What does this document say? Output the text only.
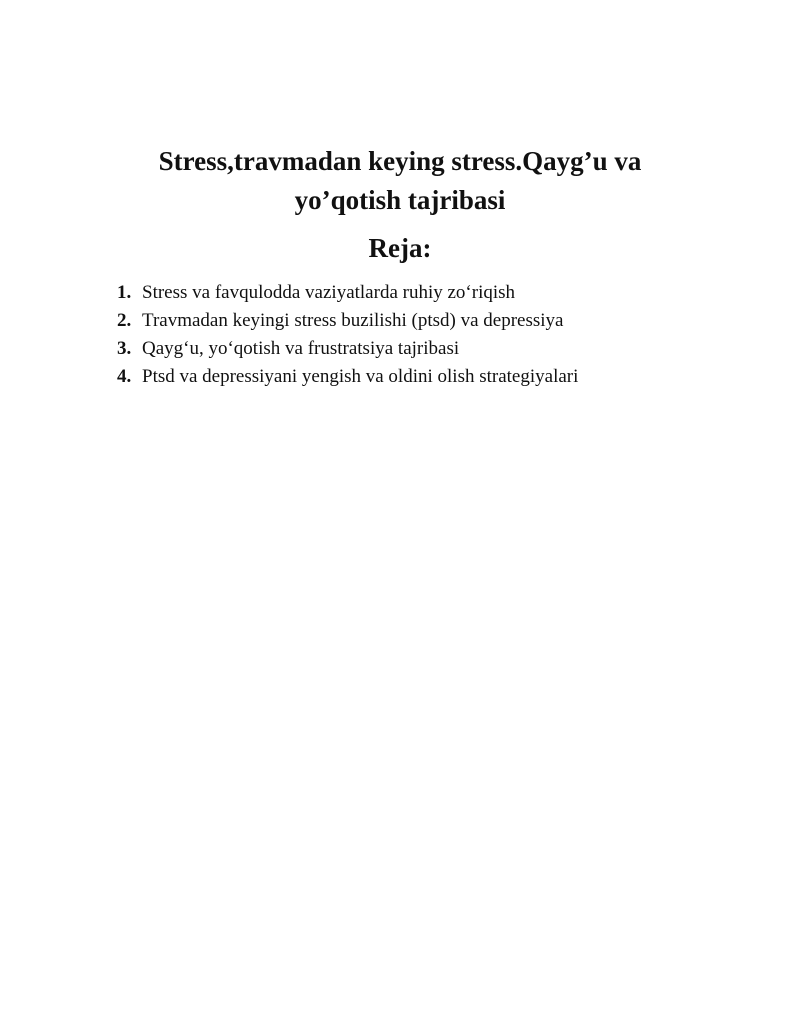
Stress,travmadan keying stress.Qayg’u va
yo’qotish tajribasi
Reja:
1. Stress va favqulodda vaziyatlarda ruhiy zo‘riqish
2. Travmadan keyingi stress buzilishi (ptsd) va depressiya
3. Qayg‘u, yo‘qotish va frustratsiya tajribasi
4. Ptsd va depressiyani yengish va oldini olish strategiyalari
